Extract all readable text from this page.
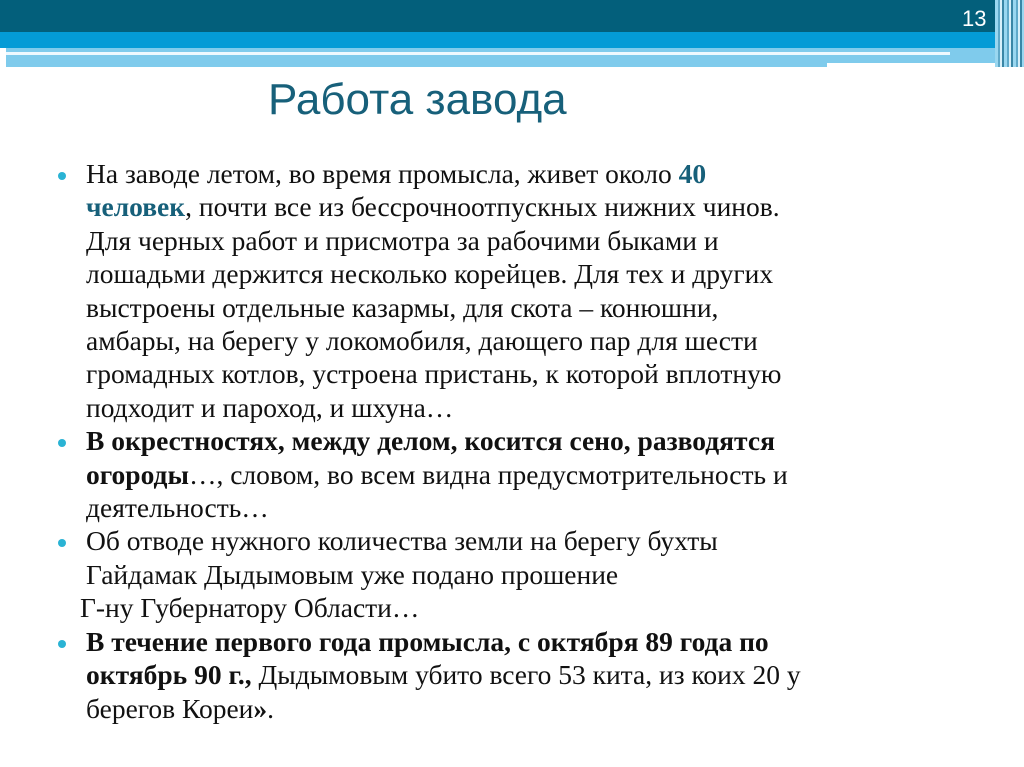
13
Работа завода
На заводе летом, во время промысла, живет около 40
человек, почти все из бессрочноотпускных нижних чинов.
Для черных работ и присмотра за рабочими быками и
лошадьми держится несколько корейцев. Для тех и других
выстроены отдельные казармы, для скота – конюшни,
амбары, на берегу у локомобиля, дающего пар для шести
громадных котлов, устроена пристань, к которой вплотную
подходит и пароход, и шхуна…
В окрестностях, между делом, косится сено, разводятся
огороды…, словом, во всем видна предусмотрительность и
деятельность…
Об отводе нужного количества земли на берегу бухты
Гайдамак Дыдымовым уже подано прошение
Г-ну Губернатору Области…
В течение первого года промысла, с октября 89 года по
октябрь 90 г., Дыдымовым убито всего 53 кита, из коих 20 у
берегов Кореи».
